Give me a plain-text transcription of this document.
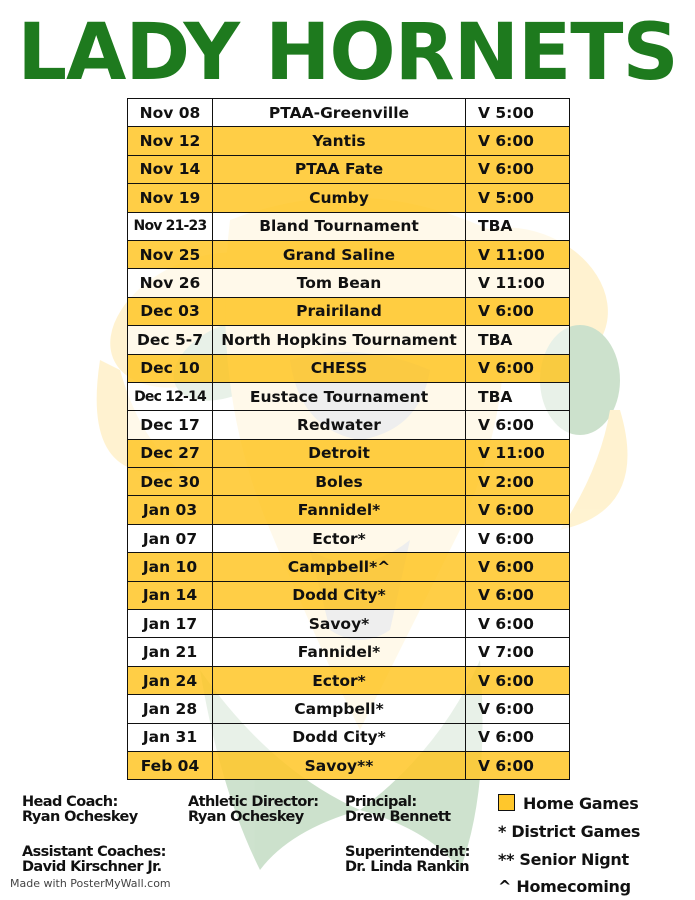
LADY HORNETS
Nov 08	PTAA-Greenville	V 5:00
Nov 12	Yantis	V 6:00
Nov 14	PTAA Fate	V 6:00
Nov 19	Cumby	V 5:00
Nov 21-23	Bland Tournament	TBA
Nov 25	Grand Saline	V 11:00
Nov 26	Tom Bean	V 11:00
Dec 03	Prairiland	V 6:00
Dec 5-7	North Hopkins Tournament	TBA
Dec 10	CHESS	V 6:00
Dec 12-14	Eustace Tournament	TBA
Dec 17	Redwater	V 6:00
Dec 27	Detroit	V 11:00
Dec 30	Boles	V 2:00
Jan 03	Fannidel*	V 6:00
Jan 07	Ector*	V 6:00
Jan 10	Campbell*^	V 6:00
Jan 14	Dodd City*	V 6:00
Jan 17	Savoy*	V 6:00
Jan 21	Fannidel*	V 7:00
Jan 24	Ector*	V 6:00
Jan 28	Campbell*	V 6:00
Jan 31	Dodd City*	V 6:00
Feb 04	Savoy**	V 6:00
Head Coach:
Ryan Ocheskey
Athletic Director:
Ryan Ocheskey
Principal:
Drew Bennett
Assistant Coaches:
David Kirschner Jr.
Superintendent:
Dr. Linda Rankin
Home Games
* District Games
** Senior Nignt
^ Homecoming
Made with PosterMyWall.com
